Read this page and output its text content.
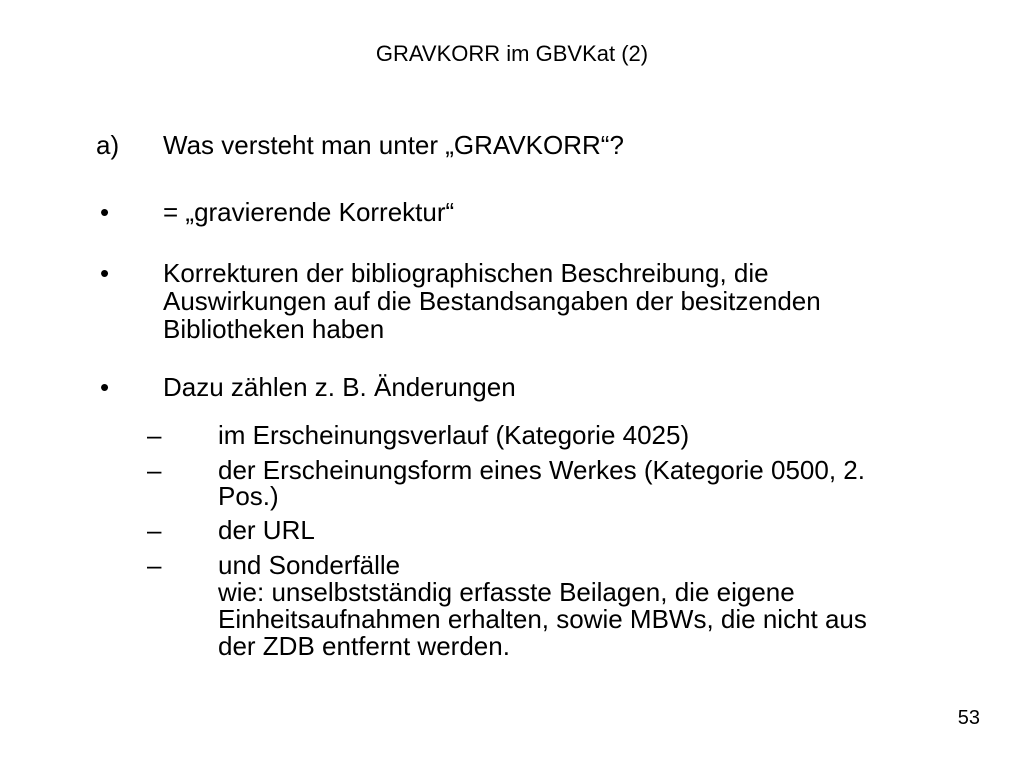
GRAVKORR im GBVKat (2)
a) Was versteht man unter „GRAVKORR“?
• = „gravierende Korrektur“
• Korrekturen der bibliographischen Beschreibung, die
Auswirkungen auf die Bestandsangaben der besitzenden
Bibliotheken haben
• Dazu zählen z. B. Änderungen
– im Erscheinungsverlauf (Kategorie 4025)
– der Erscheinungsform eines Werkes (Kategorie 0500, 2.
Pos.)
– der URL
– und Sonderfälle
wie: unselbstständig erfasste Beilagen, die eigene
Einheitsaufnahmen erhalten, sowie MBWs, die nicht aus
der ZDB entfernt werden.
53
